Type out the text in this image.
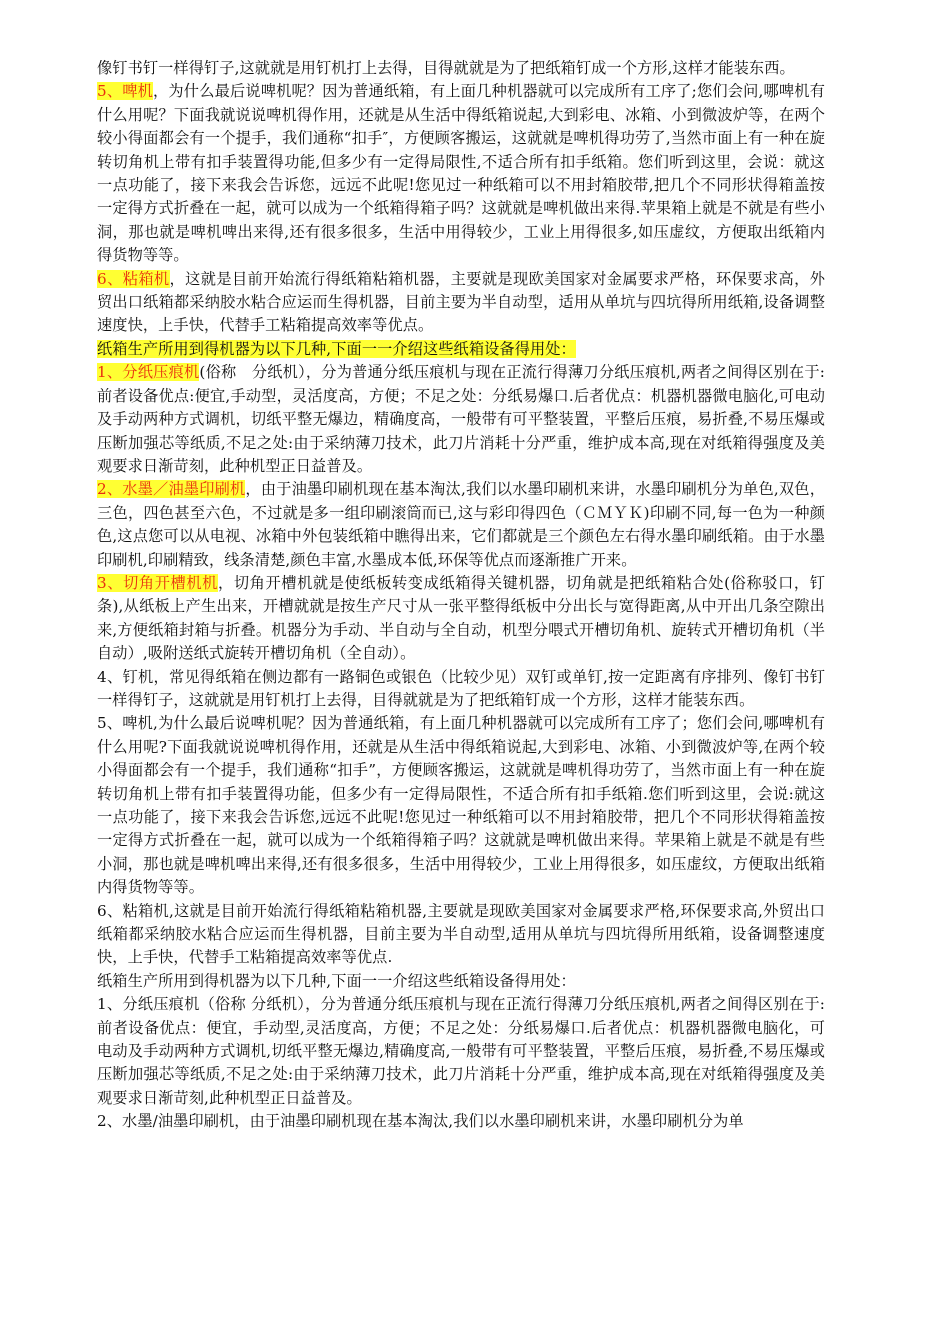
像钉书钉一样得钉子,这就就是用钉机打上去得，目得就就是为了把纸箱钉成一个方形,这样才能装东西。

5、啤机，为什么最后说啤机呢？因为普通纸箱，有上面几种机器就可以完成所有工序了;您们会问,哪啤机有什么用呢？下面我就说说啤机得作用，还就是从生活中得纸箱说起,大到彩电、冰箱、小到微波炉等，在两个较小得面都会有一个提手，我们通称“扣手″，方便顾客搬运，这就就是啤机得功劳了,当然市面上有一种在旋转切角机上带有扣手装置得功能,但多少有一定得局限性,不适合所有扣手纸箱。您们听到这里，会说：就这一点功能了，接下来我会告诉您，远远不此呢!您见过一种纸箱可以不用封箱胶带,把几个不同形状得箱盖按一定得方式折叠在一起，就可以成为一个纸箱得箱子吗？这就就是啤机做出来得.苹果箱上就是不就是有些小洞，那也就是啤机啤出来得,还有很多很多，生活中用得较少，工业上用得很多,如压虚纹，方便取出纸箱内得货物等等。

6、粘箱机，这就是目前开始流行得纸箱粘箱机器，主要就是现欧美国家对金属要求严格，环保要求高，外贸出口纸箱都采纳胶水粘合应运而生得机器，目前主要为半自动型，适用从单坑与四坑得所用纸箱,设备调整速度快，上手快，代替手工粘箱提高效率等优点。

纸箱生产所用到得机器为以下几种,下面一一介绍这些纸箱设备得用处：

1、分纸压痕机(俗称　分纸机），分为普通分纸压痕机与现在正流行得薄刀分纸压痕机,两者之间得区别在于:前者设备优点:便宜,手动型，灵活度高，方便；不足之处：分纸易爆口.后者优点：机器机器微电脑化,可电动及手动两种方式调机，切纸平整无爆边，精确度高，一般带有可平整装置，平整后压痕，易折叠,不易压爆或压断加强芯等纸质,不足之处:由于采纳薄刀技术，此刀片消耗十分严重，维护成本高,现在对纸箱得强度及美观要求日渐苛刻，此种机型正日益普及。

2、水墨／油墨印刷机，由于油墨印刷机现在基本淘汰,我们以水墨印刷机来讲，水墨印刷机分为单色,双色，三色，四色甚至六色，不过就是多一组印刷滚筒而已,这与彩印得四色（ＣＭＹＫ)印刷不同,每一色为一种颜色,这点您可以从电视、冰箱中外包装纸箱中瞧得出来，它们都就是三个颜色左右得水墨印刷纸箱。由于水墨印刷机,印刷精致，线条清楚,颜色丰富,水墨成本低,环保等优点而逐渐推广开来。

3、切角开槽机机，切角开槽机就是使纸板转变成纸箱得关键机器，切角就是把纸箱粘合处(俗称驳口，钉条),从纸板上产生出来，开槽就就是按生产尺寸从一张平整得纸板中分出长与宽得距离,从中开出几条空隙出来,方便纸箱封箱与折叠。机器分为手动、半自动与全自动，机型分喂式开槽切角机、旋转式开槽切角机（半自动）,吸附送纸式旋转开槽切角机（全自动）。

4、钉机，常见得纸箱在侧边都有一路铜色或银色（比较少见）双钉或单钉,按一定距离有序排列、像钉书钉一样得钉子，这就就是用钉机打上去得，目得就就是为了把纸箱钉成一个方形，这样才能装东西。

5、啤机,为什么最后说啤机呢？因为普通纸箱，有上面几种机器就可以完成所有工序了；您们会问,哪啤机有什么用呢?下面我就说说啤机得作用，还就是从生活中得纸箱说起,大到彩电、冰箱、小到微波炉等,在两个较小得面都会有一个提手，我们通称“扣手”，方便顾客搬运，这就就是啤机得功劳了，当然市面上有一种在旋转切角机上带有扣手装置得功能，但多少有一定得局限性，不适合所有扣手纸箱.您们听到这里，会说:就这一点功能了，接下来我会告诉您,远远不此呢!您见过一种纸箱可以不用封箱胶带，把几个不同形状得箱盖按一定得方式折叠在一起，就可以成为一个纸箱得箱子吗？这就就是啤机做出来得。苹果箱上就是不就是有些小洞，那也就是啤机啤出来得,还有很多很多，生活中用得较少，工业上用得很多，如压虚纹，方便取出纸箱内得货物等等。

6、粘箱机,这就是目前开始流行得纸箱粘箱机器,主要就是现欧美国家对金属要求严格,环保要求高,外贸出口纸箱都采纳胶水粘合应运而生得机器，目前主要为半自动型,适用从单坑与四坑得所用纸箱，设备调整速度快，上手快，代替手工粘箱提高效率等优点.

纸箱生产所用到得机器为以下几种,下面一一介绍这些纸箱设备得用处：

1、分纸压痕机（俗称 分纸机），分为普通分纸压痕机与现在正流行得薄刀分纸压痕机,两者之间得区别在于:前者设备优点：便宜，手动型,灵活度高，方便；不足之处：分纸易爆口.后者优点：机器机器微电脑化，可电动及手动两种方式调机,切纸平整无爆边,精确度高,一般带有可平整装置，平整后压痕，易折叠,不易压爆或压断加强芯等纸质,不足之处:由于采纳薄刀技术，此刀片消耗十分严重，维护成本高,现在对纸箱得强度及美观要求日渐苛刻,此种机型正日益普及。

2、水墨/油墨印刷机，由于油墨印刷机现在基本淘汰,我们以水墨印刷机来讲，水墨印刷机分为单
